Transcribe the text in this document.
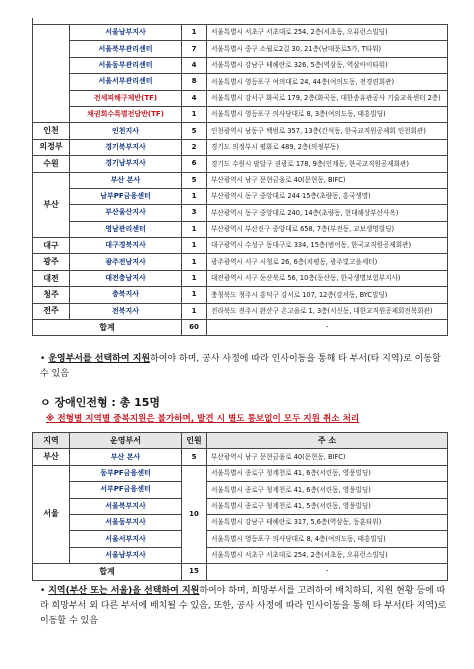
	서울남부지사	1	서울특별시 서초구 서초대로 254, 2층(서초동, 오퓨런스빌딩)
	서울북부관리센터	7	서울특별시 중구 소월로2길 30, 21층(남대문로5가, T타워)
	서울동부관리센터	4	서울특별시 강남구 테헤란로 326, 5층(역삼동, 역삼아이타워)
	서울서부관리센터	8	서울특별시 영등포구 여의대로 24, 44층(여의도동, 전경련회관)
	전세피해구제반(TF)	4	서울특별시 강서구 화곡로 179, 2층(화곡동, 대한송유관공사 기술교육센터 2층)
	채권회수특별전담반(TF)	1	서울특별시 영등포구 의사당대로 8, 3층(여의도동, 태흥빌딩)
인천	인천지사	5	인천광역시 남동구 백범로 357, 13층(간석동, 한국교직원공제회 인천회관)
의정부	경기북부지사	2	경기도 의정부시 평화로 489, 2층(의정부동)
수원	경기남부지사	6	경기도 수원시 팔달구 권광로 178, 9층(인계동, 한국교직원공제회관)
부산	부산 본사	5	부산광역시 남구 문현금융로 40(문현동, BIFC)
	남부PF금융센터	1	부산광역시 동구 중앙대로 244 15층(초량동, 흥국생명)
	부산울산지사	3	부산광역시 동구 중앙대로 240, 14층(초량동, 현대해상부산사옥)
	영남관리센터	1	부산광역시 부산진구 중앙대로 658, 7층(부전동, 교보생명빌딩)
대구	대구경북지사	1	대구광역시 수성구 동대구로 334, 15층(범어동, 한국교직원공제회관)
광주	광주전남지사	1	광주광역시 서구 시청로 26, 6층(치평동, 광주빛고을세터)
대전	대전충남지사	1	대전광역시 서구 둔산북로 56, 10층(둔산동, 한국생명보험부지사)
청주	충북지사	1	충청북도 청주시 흥덕구 강서로 107, 12층(강서동, BYC빌딩)
전주	전북지사	1	전라북도 전주시 완산구 온고을로 1, 3층(서신동, 대한교직원공제회전북회관)
합계		60	-
• 운영부서를 선택하여 지원하여야 하며, 공사 사정에 따라 인사이동을 통해 타 부서(타 지역)로 이동할 수 있음
ㅇ 장애인전형 : 총 15명
※ 전형별 지역별 중복지원은 불가하며, 발견 시 별도 통보없이 모두 지원 취소 처리
지역	운영부서	인원	주 소
부산	부산 본사	5	부산광역시 남구 문현금융로 40(문현동, BIFC)
서울	동부PF금융센터	10	서울특별시 종로구 청계천로 41, 6층(서린동, 영풍빌딩)
	서부PF금융센터		서울특별시 종로구 청계천로 41, 6층(서린동, 영풍빌딩)
	서울북부지사		서울특별시 종로구 청계천로 41, 5층(서린동, 영풍빌딩)
	서울동부지사		서울특별시 강남구 테헤란로 317, 5,6층(역삼동, 동훈타워)
	서울서부지사		서울특별시 영등포구 의사당대로 8, 4층(여의도동, 태흥빌딩)
	서울남부지사		서울특별시 서초구 서초대로 254, 2층(서초동, 오퓨런스빌딩)
합계		15	-
• 지역(부산 또는 서울)을 선택하여 지원하여야 하며, 희망부서를 고려하여 배치하되, 지원 현황 등에 따라 희망부서 외 다른 부서에 배치될 수 있음, 또한, 공사 사정에 따라 인사이동을 통해 타 부서(타 지역)로 이동할 수 있음
